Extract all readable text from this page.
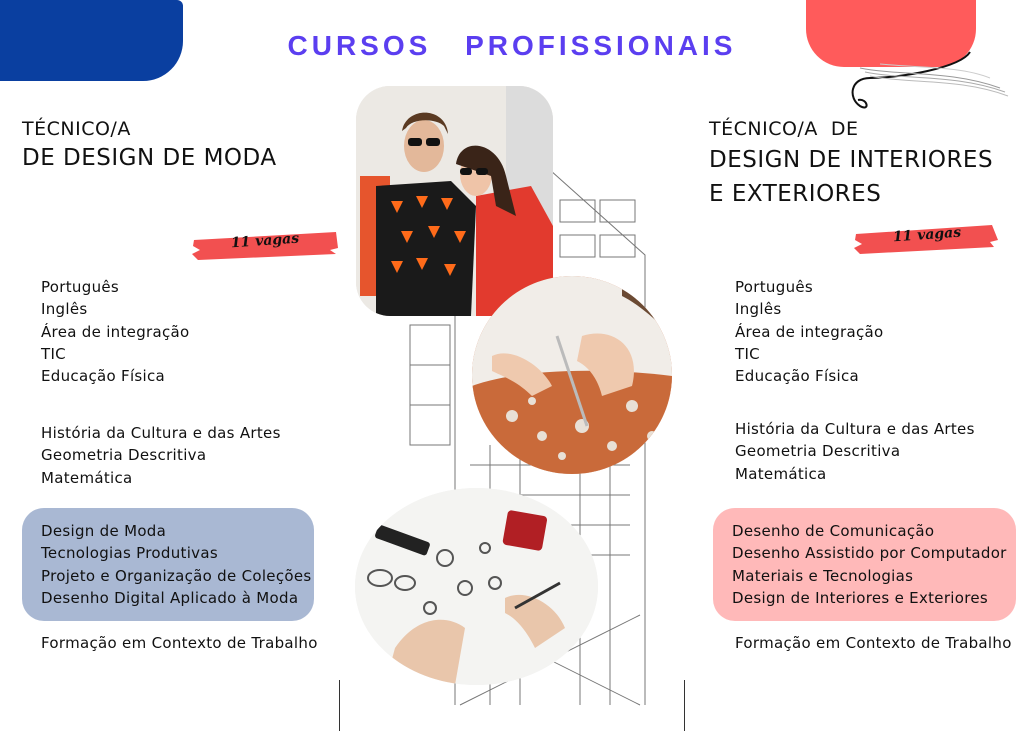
CURSOS PROFISSIONAIS
TÉCNICO/A
DE DESIGN DE MODA
11 vagas
Português
Inglês
Área de integração
TIC
Educação Física
História da Cultura e das Artes
Geometria Descritiva
Matemática
Design de Moda
Tecnologias Produtivas
Projeto e Organização de Coleções
Desenho Digital Aplicado à Moda
Formação em Contexto de Trabalho
TÉCNICO/A  DE
DESIGN DE INTERIORES
E EXTERIORES
11 vagas
Português
Inglês
Área de integração
TIC
Educação Física
História da Cultura e das Artes
Geometria Descritiva
Matemática
Desenho de Comunicação
Desenho Assistido por Computador
Materiais e Tecnologias
Design de Interiores e Exteriores
Formação em Contexto de Trabalho
